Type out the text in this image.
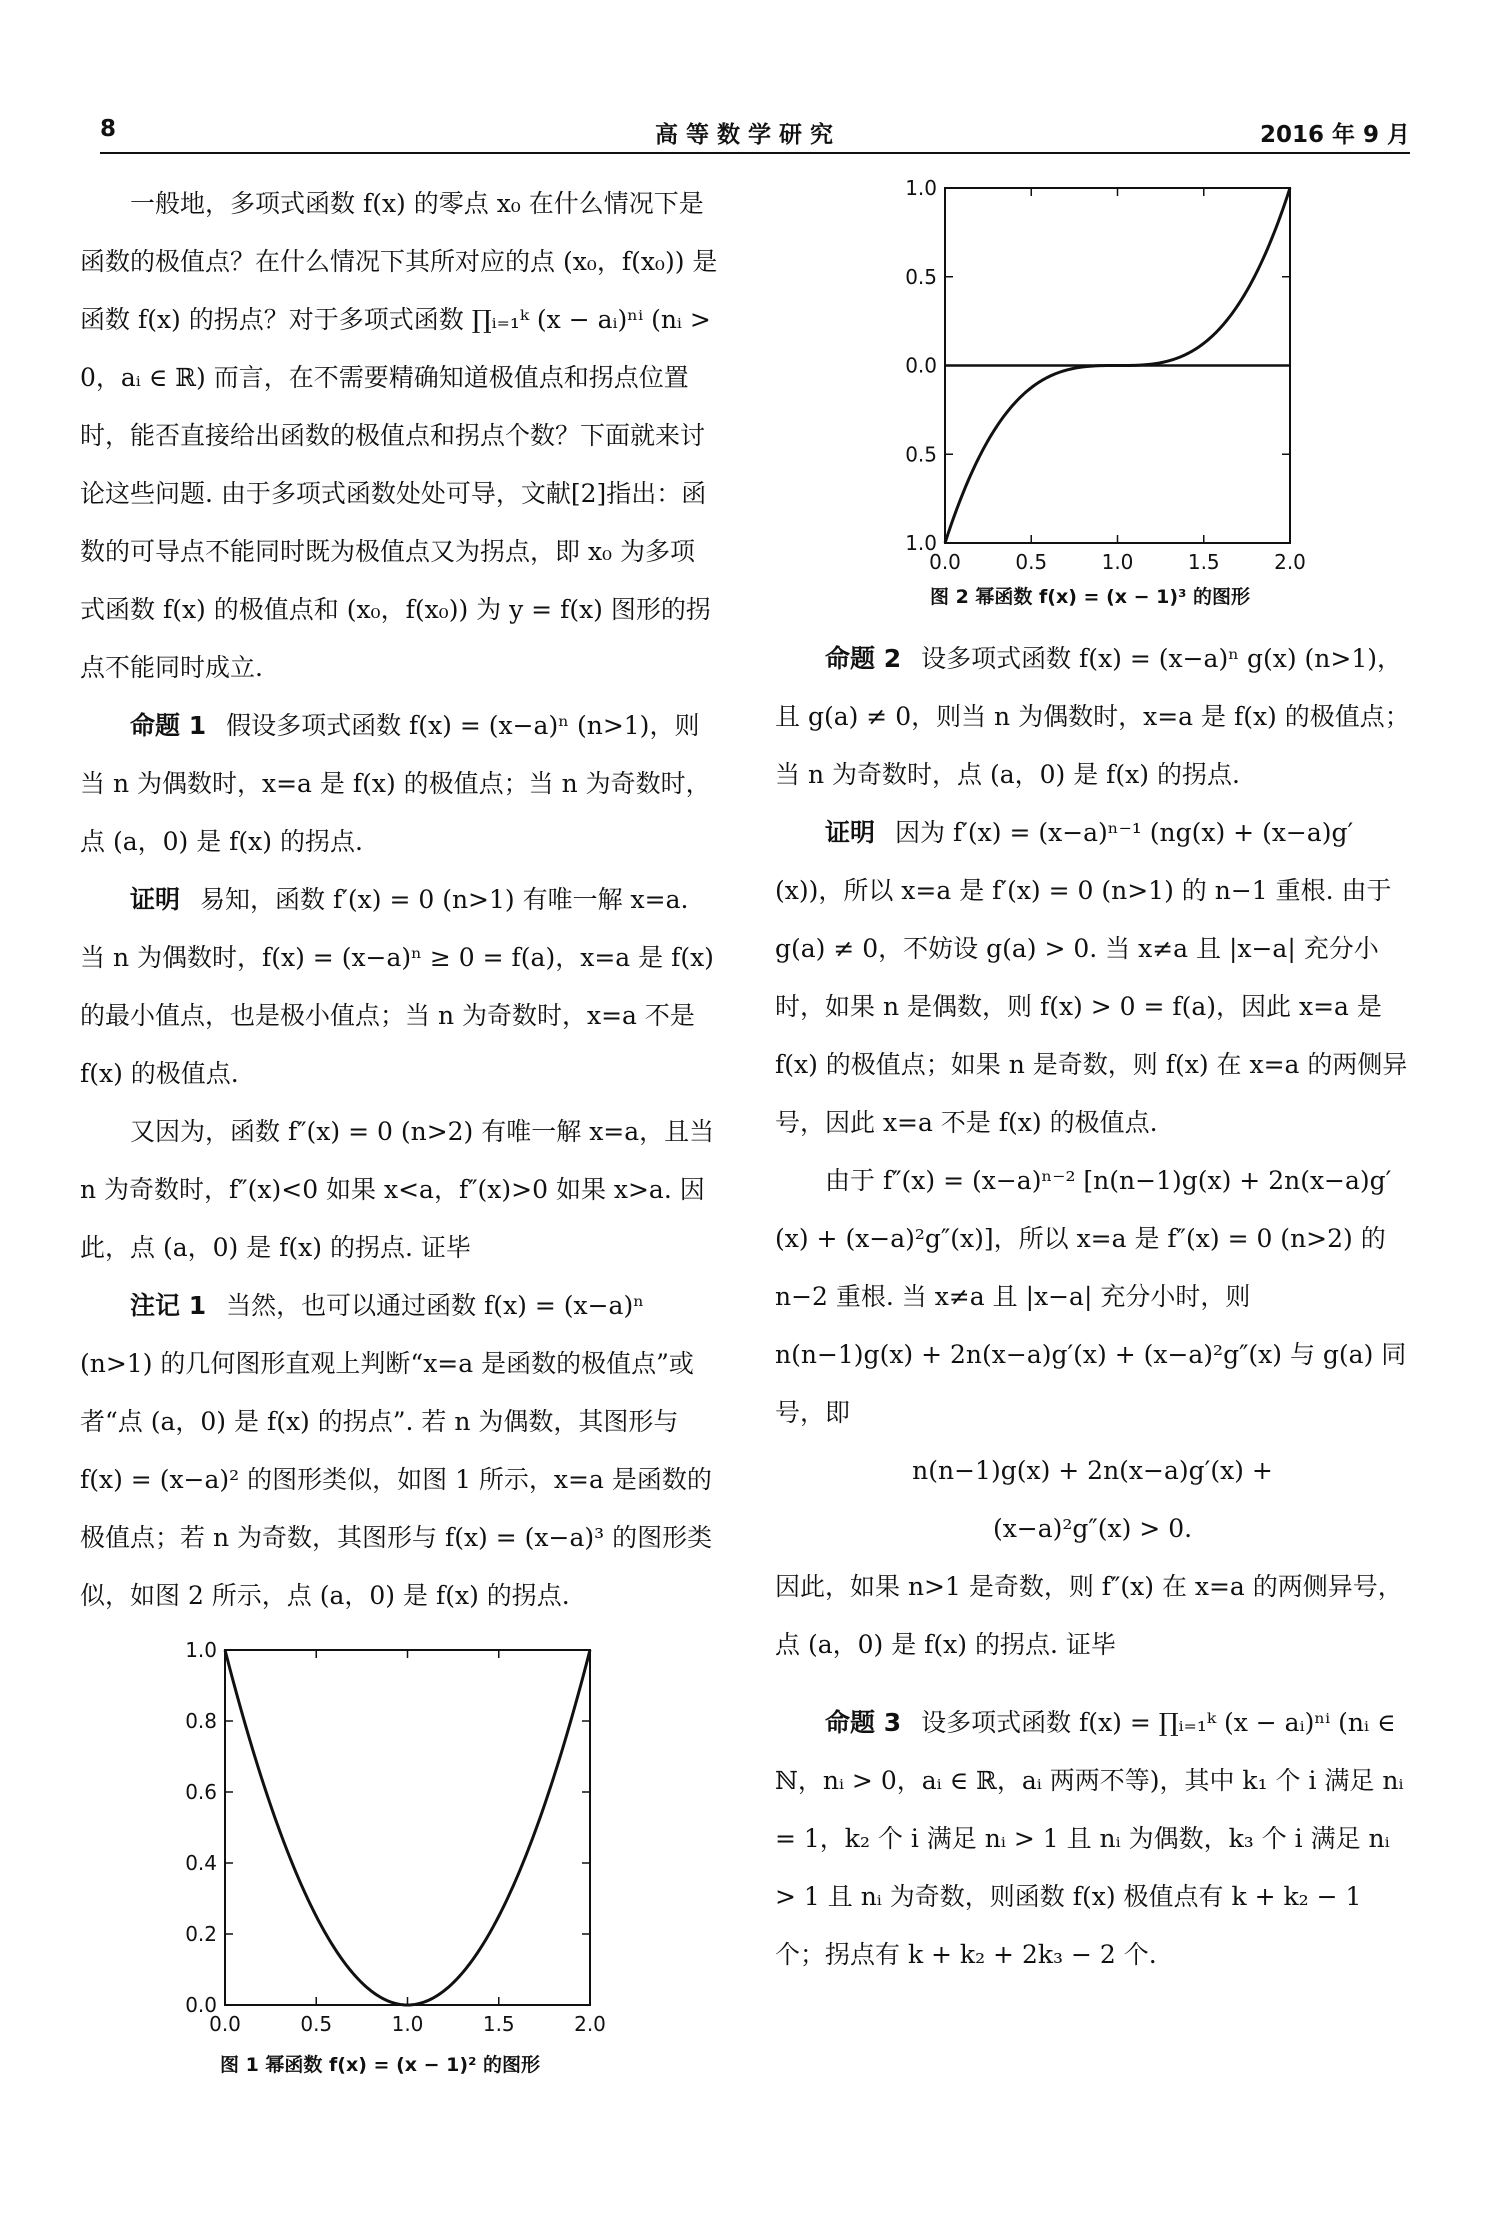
8	高 等 数 学 研 究	2016 年 9 月

一般地，多项式函数 f(x) 的零点 x₀ 在什么情况下是函数的极值点？在什么情况下其所对应的点 (x₀，f(x₀)) 是函数 f(x) 的拐点？对于多项式函数 ∏ᵢ₌₁ᵏ (x − aᵢ)ⁿⁱ (nᵢ > 0，aᵢ ∈ ℝ) 而言，在不需要精确知道极值点和拐点位置时，能否直接给出函数的极值点和拐点个数？下面就来讨论这些问题. 由于多项式函数处处可导，文献[2]指出：函数的可导点不能同时既为极值点又为拐点，即 x₀ 为多项式函数 f(x) 的极值点和 (x₀，f(x₀)) 为 y = f(x) 图形的拐点不能同时成立.

命题 1 假设多项式函数 f(x) = (x−a)ⁿ (n>1)，则当 n 为偶数时，x=a 是 f(x) 的极值点；当 n 为奇数时，点 (a，0) 是 f(x) 的拐点.

证明 易知，函数 f′(x) = 0 (n>1) 有唯一解 x=a. 当 n 为偶数时，f(x) = (x−a)ⁿ ≥ 0 = f(a)，x=a 是 f(x) 的最小值点，也是极小值点；当 n 为奇数时，x=a 不是 f(x) 的极值点.

又因为，函数 f″(x) = 0 (n>2) 有唯一解 x=a，且当 n 为奇数时，f″(x)<0 如果 x<a，f″(x)>0 如果 x>a. 因此，点 (a，0) 是 f(x) 的拐点. 证毕

注记 1 当然，也可以通过函数 f(x) = (x−a)ⁿ (n>1) 的几何图形直观上判断“x=a 是函数的极值点”或者“点 (a，0) 是 f(x) 的拐点”. 若 n 为偶数，其图形与 f(x) = (x−a)² 的图形类似，如图 1 所示，x=a 是函数的极值点；若 n 为奇数，其图形与 f(x) = (x−a)³ 的图形类似，如图 2 所示，点 (a，0) 是 f(x) 的拐点.

0.0	0.5	1.0	1.5	2.0
0.0
0.2
0.4
0.6
0.8
1.0
图 1 幂函数 f(x) = (x − 1)² 的图形
0.0	0.5	1.0	1.5	2.0
1.0
0.5
0.0
0.5
1.0
图 2 幂函数 f(x) = (x − 1)³ 的图形

命题 2 设多项式函数 f(x) = (x−a)ⁿ g(x) (n>1)，且 g(a) ≠ 0，则当 n 为偶数时，x=a 是 f(x) 的极值点；当 n 为奇数时，点 (a，0) 是 f(x) 的拐点.

证明 因为 f′(x) = (x−a)ⁿ⁻¹ (ng(x) + (x−a)g′(x))，所以 x=a 是 f′(x) = 0 (n>1) 的 n−1 重根. 由于 g(a) ≠ 0，不妨设 g(a) > 0. 当 x≠a 且 |x−a| 充分小时，如果 n 是偶数，则 f(x) > 0 = f(a)，因此 x=a 是 f(x) 的极值点；如果 n 是奇数，则 f(x) 在 x=a 的两侧异号，因此 x=a 不是 f(x) 的极值点.

由于 f″(x) = (x−a)ⁿ⁻² [n(n−1)g(x) + 2n(x−a)g′(x) + (x−a)²g″(x)]，所以 x=a 是 f″(x) = 0 (n>2) 的 n−2 重根. 当 x≠a 且 |x−a| 充分小时，则

n(n−1)g(x) + 2n(x−a)g′(x) + (x−a)²g″(x) 与 g(a) 同号，即

n(n−1)g(x) + 2n(x−a)g′(x) +

(x−a)²g″(x) > 0.

因此，如果 n>1 是奇数，则 f″(x) 在 x=a 的两侧异号，点 (a，0) 是 f(x) 的拐点. 证毕

命题 3 设多项式函数 f(x) = ∏ᵢ₌₁ᵏ (x − aᵢ)ⁿⁱ (nᵢ ∈ ℕ，nᵢ > 0，aᵢ ∈ ℝ，aᵢ 两两不等)，其中 k₁ 个 i 满足 nᵢ = 1，k₂ 个 i 满足 nᵢ > 1 且 nᵢ 为偶数，k₃ 个 i 满足 nᵢ > 1 且 nᵢ 为奇数，则函数 f(x) 极值点有 k + k₂ − 1 个；拐点有 k + k₂ + 2k₃ − 2 个.
